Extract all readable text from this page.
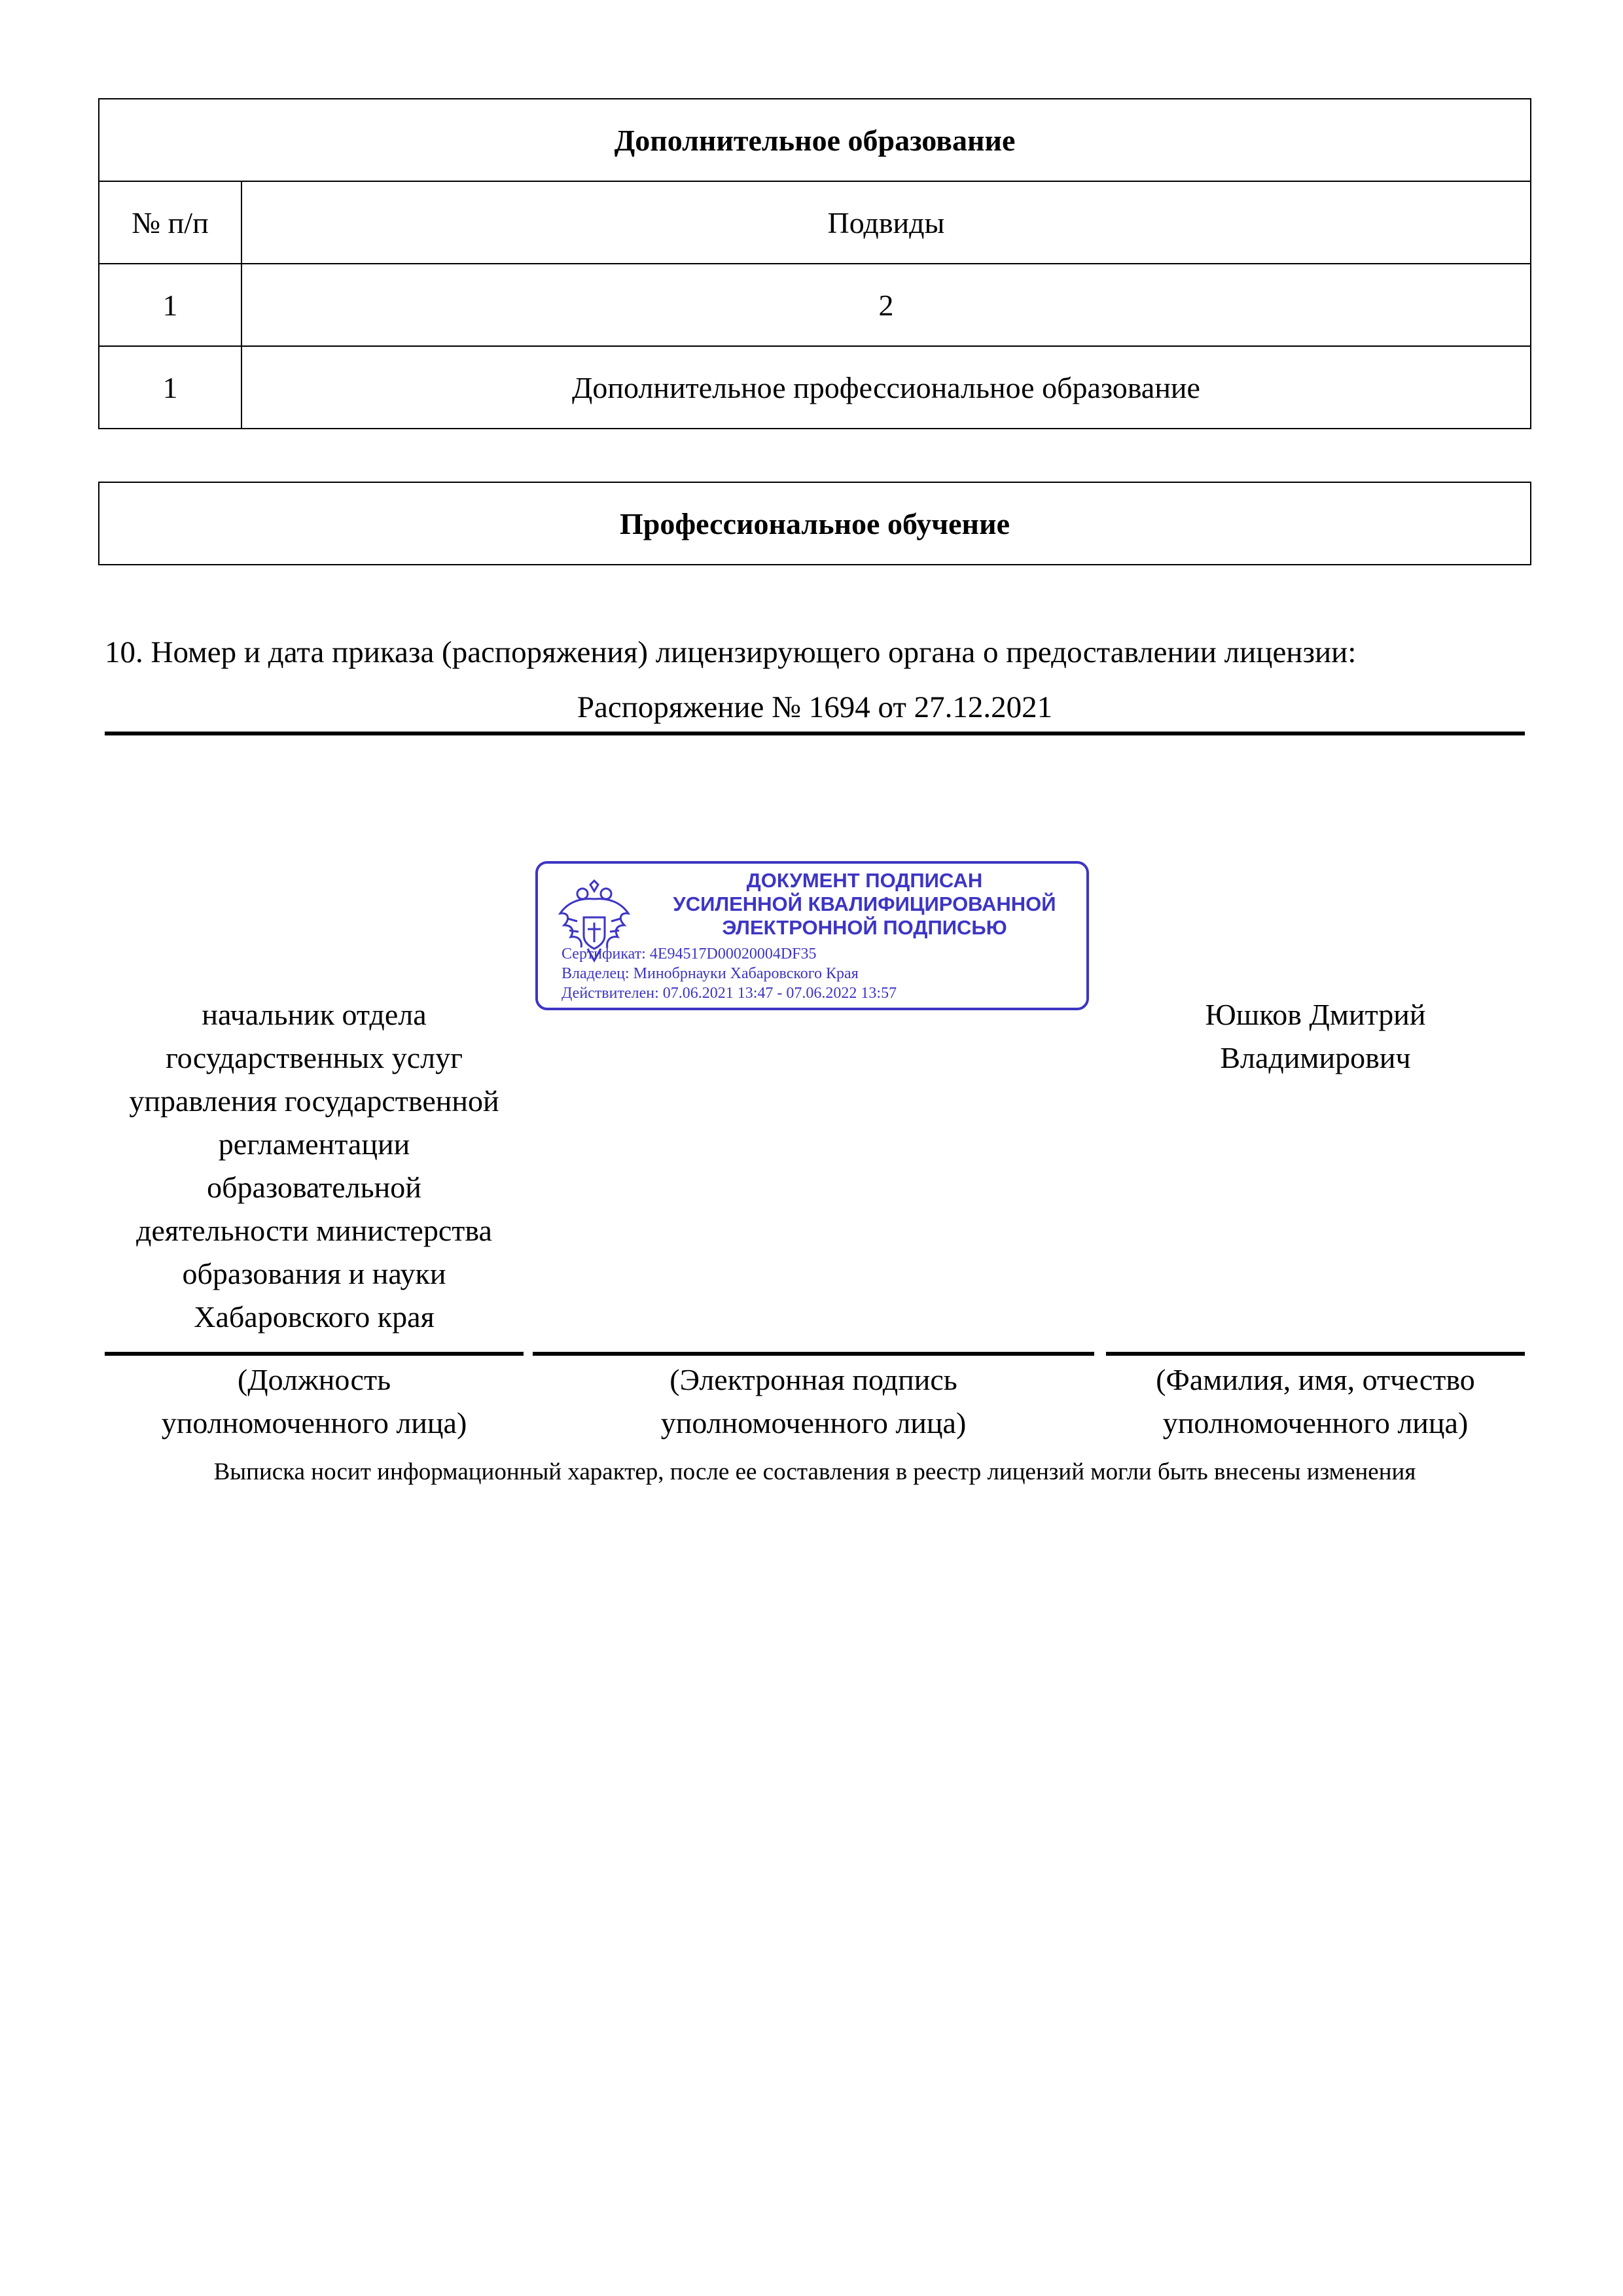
Дополнительное образование	
№ п/п	Подвиды
1	2
1	Дополнительное профессиональное образование
Профессиональное обучение
10. Номер и дата приказа (распоряжения) лицензирующего органа о предоставлении лицензии:
Распоряжение № 1694 от 27.12.2021
ДОКУМЕНТ ПОДПИСАН
УСИЛЕННОЙ КВАЛИФИЦИРОВАННОЙ
ЭЛЕКТРОННОЙ ПОДПИСЬЮ
Сертификат: 4E94517D00020004DF35
Владелец: Минобрнауки Хабаровского Края
Действителен: 07.06.2021 13:47 - 07.06.2022 13:57
начальник отдела
государственных услуг
управления государственной
регламентации
образовательной
деятельности министерства
образования и науки
Хабаровского края
Юшков Дмитрий
Владимирович
(Должность
уполномоченного лица)
(Электронная подпись
уполномоченного лица)
(Фамилия, имя, отчество
уполномоченного лица)
Выписка носит информационный характер, после ее составления в реестр лицензий могли быть внесены изменения
